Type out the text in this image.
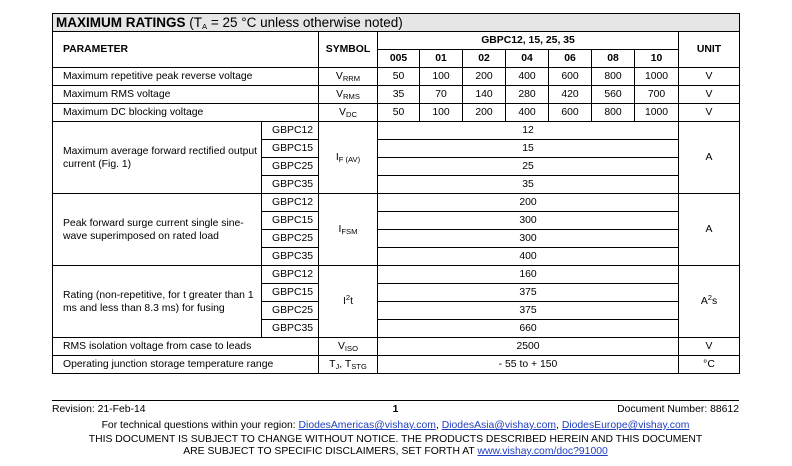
MAXIMUM RATINGS ($T_A = 25$ °C unless otherwise noted)										
PARAMETER		SYMBOL	GBPC12, 15, 25, 35							UNIT
			005	01	02	04	06	08	10	
Maximum repetitive peak reverse voltage		$V_{RRM}$	50	100	200	400	600	800	1000	V
Maximum RMS voltage		$V_{RMS}$	35	70	140	280	420	560	700	V
Maximum DC blocking voltage		$V_{DC}$	50	100	200	400	600	800	1000	V
Maximum average forward rectified output current (Fig. 1)	GBPC12	$I_{F (AV)}$	12							A
	GBPC15		15							
	GBPC25		25							
	GBPC35		35							
Peak forward surge current single sine-wave superimposed on rated load	GBPC12	$I_{FSM}$	200							A
	GBPC15		300							
	GBPC25		300							
	GBPC35		400							
Rating (non-repetitive, for t greater than 1 ms and less than 8.3 ms) for fusing	GBPC12	$I^2t$	160							$A^2s$
	GBPC15		375							
	GBPC25		375							
	GBPC35		660							
RMS isolation voltage from case to leads		$V_{ISO}$	2500							V
Operating junction storage temperature range		$T_J$, $T_{STG}$	- 55 to + 150							°C
Revision: 21-Feb-14	1	Document Number: 88612
For technical questions within your region: DiodesAmericas@vishay.com, DiodesAsia@vishay.com, DiodesEurope@vishay.com
THIS DOCUMENT IS SUBJECT TO CHANGE WITHOUT NOTICE. THE PRODUCTS DESCRIBED HEREIN AND THIS DOCUMENT
ARE SUBJECT TO SPECIFIC DISCLAIMERS, SET FORTH AT www.vishay.com/doc?91000
